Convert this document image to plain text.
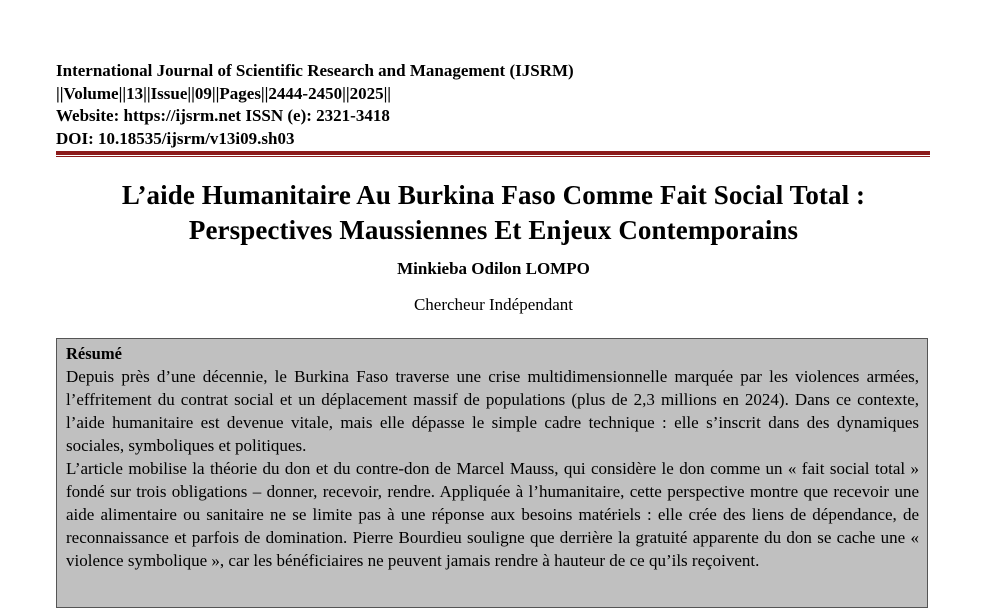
International Journal of Scientific Research and Management (IJSRM)
||Volume||13||Issue||09||Pages||2444-2450||2025||
Website: https://ijsrm.net ISSN (e): 2321-3418
DOI: 10.18535/ijsrm/v13i09.sh03
L’aide Humanitaire Au Burkina Faso Comme Fait Social Total :
Perspectives Maussiennes Et Enjeux Contemporains
Minkieba Odilon LOMPO
Chercheur Indépendant
Résumé

Depuis près d’une décennie, le Burkina Faso traverse une crise multidimensionnelle marquée par les violences armées, l’effritement du contrat social et un déplacement massif de populations (plus de 2,3 millions en 2024). Dans ce contexte, l’aide humanitaire est devenue vitale, mais elle dépasse le simple cadre technique : elle s’inscrit dans des dynamiques sociales, symboliques et politiques.

L’article mobilise la théorie du don et du contre-don de Marcel Mauss, qui considère le don comme un « fait social total » fondé sur trois obligations – donner, recevoir, rendre. Appliquée à l’humanitaire, cette perspective montre que recevoir une aide alimentaire ou sanitaire ne se limite pas à une réponse aux besoins matériels : elle crée des liens de dépendance, de reconnaissance et parfois de domination. Pierre Bourdieu souligne que derrière la gratuité apparente du don se cache une « violence symbolique », car les bénéficiaires ne peuvent jamais rendre à hauteur de ce qu’ils reçoivent.
